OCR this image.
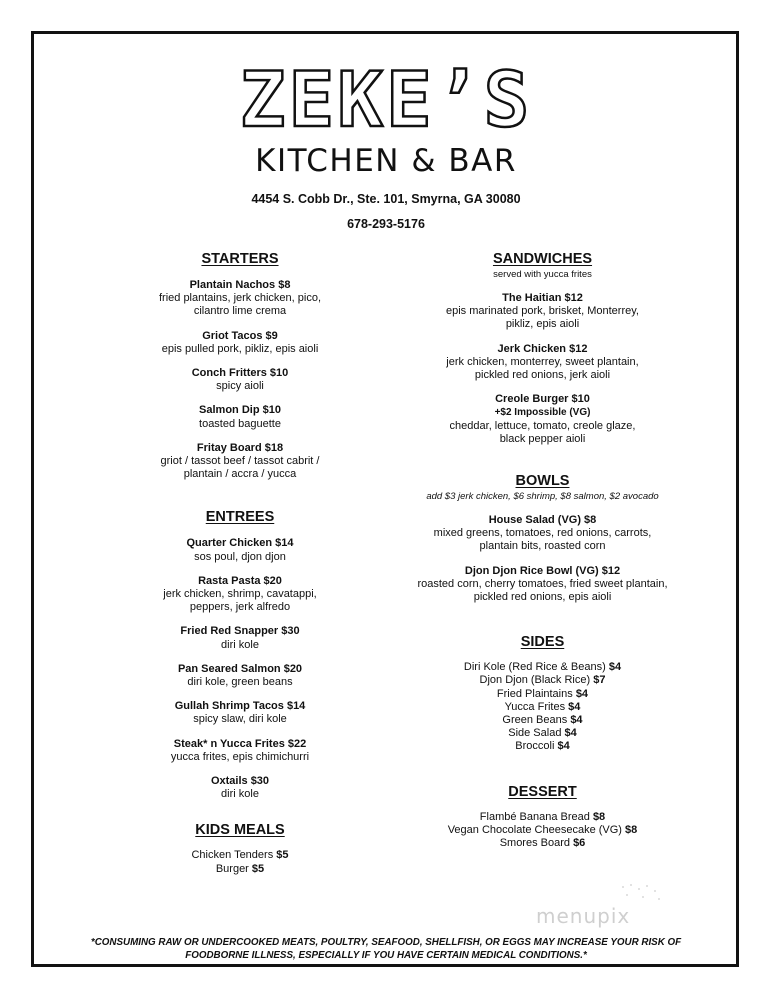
ZEKE’S
KITCHEN & BAR
4454 S. Cobb Dr., Ste. 101, Smyrna, GA 30080
678-293-5176
STARTERS
Plantain Nachos $8
fried plantains, jerk chicken, pico,
cilantro lime crema
Griot Tacos $9
epis pulled pork, pikliz, epis aioli
Conch Fritters $10
spicy aioli
Salmon Dip $10
toasted baguette
Fritay Board $18
griot / tassot beef / tassot cabrit /
plantain / accra / yucca
ENTREES
Quarter Chicken $14
sos poul, djon djon
Rasta Pasta $20
jerk chicken, shrimp, cavatappi,
peppers, jerk alfredo
Fried Red Snapper $30
diri kole
Pan Seared Salmon $20
diri kole, green beans
Gullah Shrimp Tacos $14
spicy slaw, diri kole
Steak* n Yucca Frites $22
yucca frites, epis chimichurri
Oxtails $30
diri kole
KIDS MEALS
Chicken Tenders $5
Burger $5
SANDWICHES
served with yucca frites
The Haitian $12
epis marinated pork, brisket, Monterrey,
pikliz, epis aioli
Jerk Chicken $12
jerk chicken, monterrey, sweet plantain,
pickled red onions, jerk aioli
Creole Burger $10
+$2 Impossible (VG)
cheddar, lettuce, tomato, creole glaze,
black pepper aioli
BOWLS
add $3 jerk chicken, $6 shrimp, $8 salmon, $2 avocado
House Salad (VG) $8
mixed greens, tomatoes, red onions, carrots,
plantain bits, roasted corn
Djon Djon Rice Bowl (VG) $12
roasted corn, cherry tomatoes, fried sweet plantain,
pickled red onions, epis aioli
SIDES
Diri Kole (Red Rice & Beans) $4
Djon Djon (Black Rice) $7
Fried Plaintains $4
Yucca Frites $4
Green Beans $4
Side Salad $4
Broccoli $4
DESSERT
Flambé Banana Bread $8
Vegan Chocolate Cheesecake (VG) $8
Smores Board $6
menupix
*CONSUMING RAW OR UNDERCOOKED MEATS, POULTRY, SEAFOOD, SHELLFISH, OR EGGS MAY INCREASE YOUR RISK OF
FOODBORNE ILLNESS, ESPECIALLY IF YOU HAVE CERTAIN MEDICAL CONDITIONS.*
